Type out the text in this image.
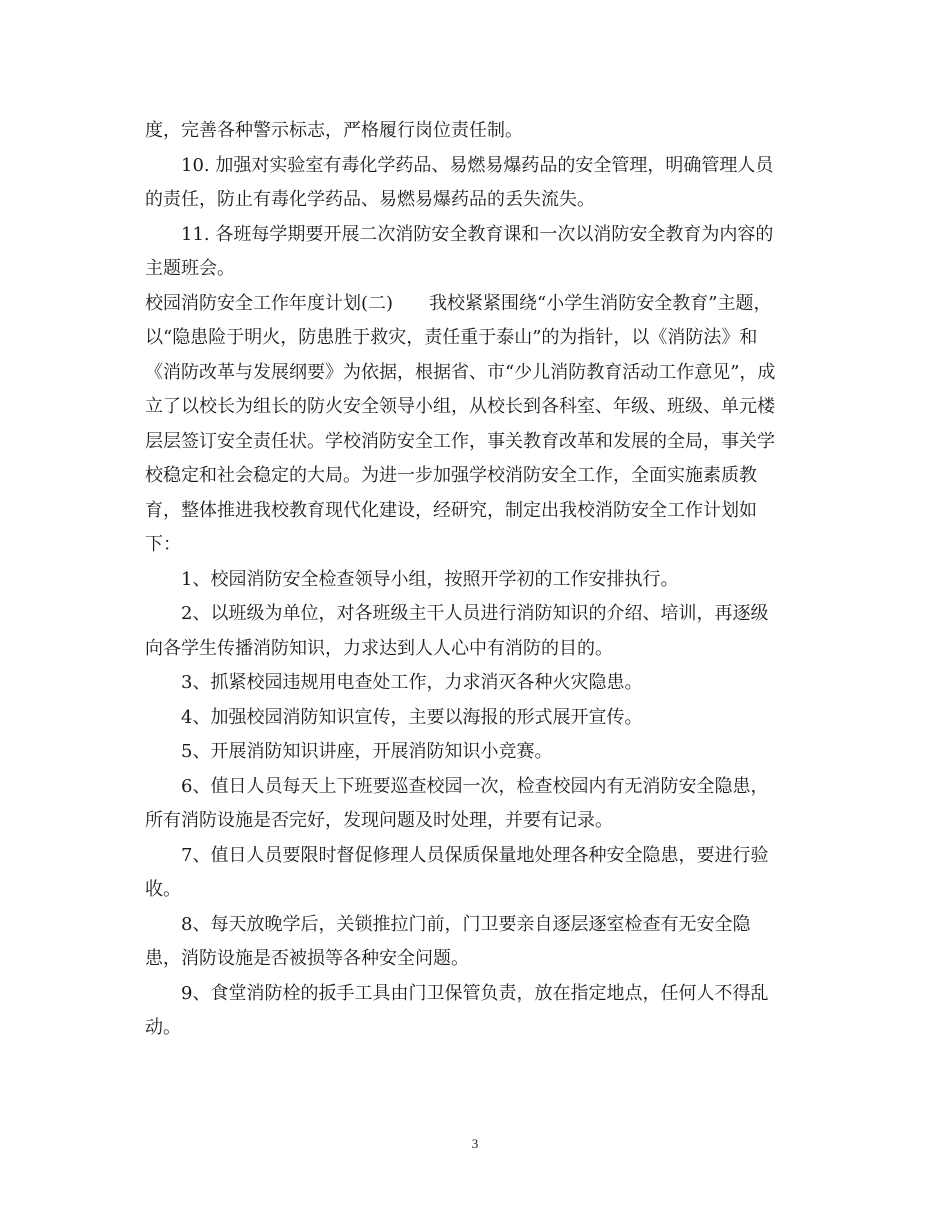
度，完善各种警示标志，严格履行岗位责任制。
10. 加强对实验室有毒化学药品、易燃易爆药品的安全管理，明确管理人员
的责任，防止有毒化学药品、易燃易爆药品的丢失流失。
11. 各班每学期要开展二次消防安全教育课和一次以消防安全教育为内容的
主题班会。
校园消防安全工作年度计划(二) 我校紧紧围绕“小学生消防安全教育”主题，
以“隐患险于明火，防患胜于救灾，责任重于泰山”的为指针，以《消防法》和
《消防改革与发展纲要》为依据，根据省、市“少儿消防教育活动工作意见”，成
立了以校长为组长的防火安全领导小组，从校长到各科室、年级、班级、单元楼
层层签订安全责任状。学校消防安全工作，事关教育改革和发展的全局，事关学
校稳定和社会稳定的大局。为进一步加强学校消防安全工作，全面实施素质教
育，整体推进我校教育现代化建设，经研究，制定出我校消防安全工作计划如
下：
1、校园消防安全检查领导小组，按照开学初的工作安排执行。
2、以班级为单位，对各班级主干人员进行消防知识的介绍、培训，再逐级
向各学生传播消防知识，力求达到人人心中有消防的目的。
3、抓紧校园违规用电查处工作，力求消灭各种火灾隐患。
4、加强校园消防知识宣传，主要以海报的形式展开宣传。
5、开展消防知识讲座，开展消防知识小竞赛。
6、值日人员每天上下班要巡查校园一次，检查校园内有无消防安全隐患，
所有消防设施是否完好，发现问题及时处理，并要有记录。
7、值日人员要限时督促修理人员保质保量地处理各种安全隐患，要进行验
收。
8、每天放晚学后，关锁推拉门前，门卫要亲自逐层逐室检查有无安全隐
患，消防设施是否被损等各种安全问题。
9、食堂消防栓的扳手工具由门卫保管负责，放在指定地点，任何人不得乱
动。
3
